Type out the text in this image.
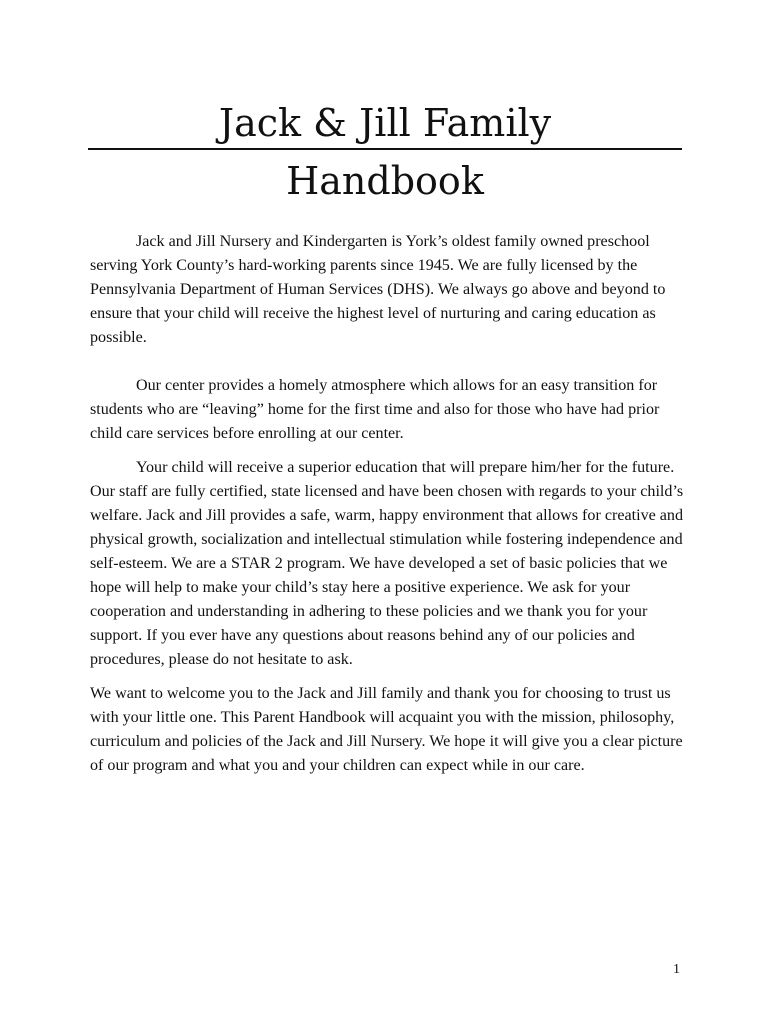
Jack & Jill Family
Handbook

Jack and Jill Nursery and Kindergarten is York’s oldest family owned preschool serving York County’s hard-working parents since 1945. We are fully licensed by the Pennsylvania Department of Human Services (DHS). We always go above and beyond to ensure that your child will receive the highest level of nurturing and caring education as possible.

Our center provides a homely atmosphere which allows for an easy transition for students who are “leaving” home for the first time and also for those who have had prior child care services before enrolling at our center.

Your child will receive a superior education that will prepare him/her for the future. Our staff are fully certified, state licensed and have been chosen with regards to your child’s welfare. Jack and Jill provides a safe, warm, happy environment that allows for creative and physical growth, socialization and intellectual stimulation while fostering independence and self-esteem. We are a STAR 2 program. We have developed a set of basic policies that we hope will help to make your child’s stay here a positive experience. We ask for your cooperation and understanding in adhering to these policies and we thank you for your support. If you ever have any questions about reasons behind any of our policies and procedures, please do not hesitate to ask.

We want to welcome you to the Jack and Jill family and thank you for choosing to trust us with your little one. This Parent Handbook will acquaint you with the mission, philosophy, curriculum and policies of the Jack and Jill Nursery. We hope it will give you a clear picture of our program and what you and your children can expect while in our care.

1
